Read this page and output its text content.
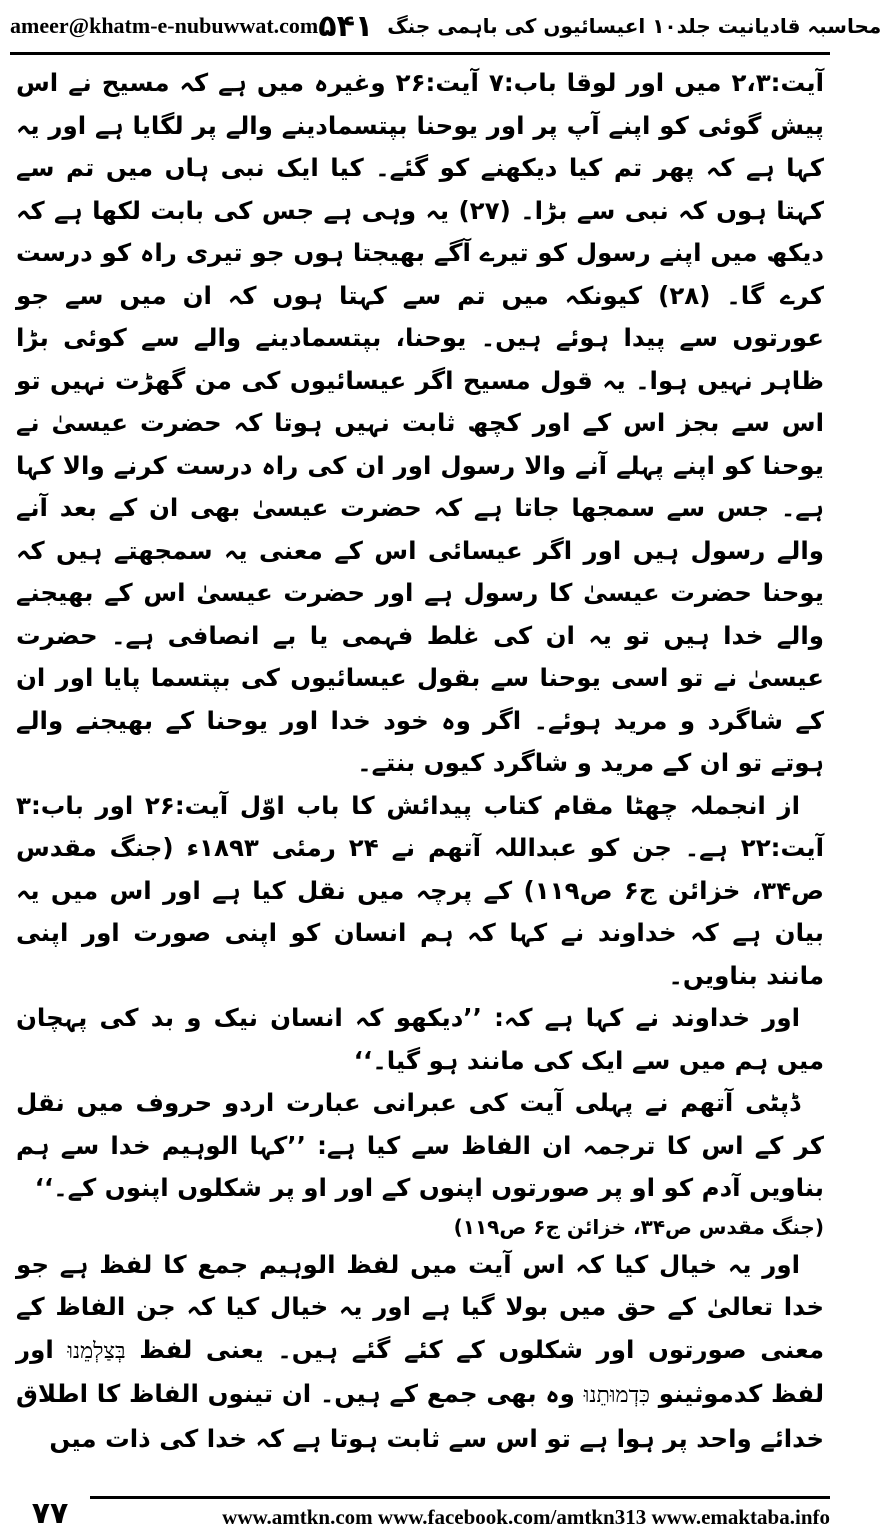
ameer@khatm-e-nubuwwat.com	محاسبہ قادیانیت جلد۱۰ اعیسائیوں کی باہمی جنگ
۵۴۱

آیت:۲،۳ میں اور لوقا باب:۷ آیت:۲۶ وغیرہ میں ہے کہ مسیح نے اس پیش گوئی کو اپنے آپ پر اور یوحنا بپتسمادینے والے پر لگایا ہے اور یہ کہا ہے کہ پھر تم کیا دیکھنے کو گئے۔ کیا ایک نبی ہاں میں تم سے کہتا ہوں کہ نبی سے بڑا۔ (۲۷) یہ وہی ہے جس کی بابت لکھا ہے کہ دیکھ میں اپنے رسول کو تیرے آگے بھیجتا ہوں جو تیری راہ کو درست کرے گا۔ (۲۸) کیونکہ میں تم سے کہتا ہوں کہ ان میں سے جو عورتوں سے پیدا ہوئے ہیں۔ یوحنا، بپتسمادینے والے سے کوئی بڑا ظاہر نہیں ہوا۔ یہ قول مسیح اگر عیسائیوں کی من گھڑت نہیں تو اس سے بجز اس کے اور کچھ ثابت نہیں ہوتا کہ حضرت عیسیٰ نے یوحنا کو اپنے پہلے آنے والا رسول اور ان کی راہ درست کرنے والا کہا ہے۔ جس سے سمجھا جاتا ہے کہ حضرت عیسیٰ بھی ان کے بعد آنے والے رسول ہیں اور اگر عیسائی اس کے معنی یہ سمجھتے ہیں کہ یوحنا حضرت عیسیٰ کا رسول ہے اور حضرت عیسیٰ اس کے بھیجنے والے خدا ہیں تو یہ ان کی غلط فہمی یا بے انصافی ہے۔ حضرت عیسیٰ نے تو اسی یوحنا سے بقول عیسائیوں کی بپتسما پایا اور ان کے شاگرد و مرید ہوئے۔ اگر وہ خود خدا اور یوحنا کے بھیجنے والے ہوتے تو ان کے مرید و شاگرد کیوں بنتے۔

از انجملہ چھٹا مقام کتاب پیدائش کا باب اوّل آیت:۲۶ اور باب:۳ آیت:۲۲ ہے۔ جن کو عبداللہ آتھم نے ۲۴ رمئی ۱۸۹۳ء (جنگ مقدس ص۳۴، خزائن ج۶ ص۱۱۹) کے پرچہ میں نقل کیا ہے اور اس میں یہ بیان ہے کہ خداوند نے کہا کہ ہم انسان کو اپنی صورت اور اپنی مانند بناویں۔

اور خداوند نے کہا ہے کہ: ’’دیکھو کہ انسان نیک و بد کی پہچان میں ہم میں سے ایک کی مانند ہو گیا۔‘‘

ڈپٹی آتھم نے پہلی آیت کی عبرانی عبارت اردو حروف میں نقل کر کے اس کا ترجمہ ان الفاظ سے کیا ہے: ’’کہا الوہیم خدا سے ہم بناویں آدم کو او پر صورتوں اپنوں کے اور او پر شکلوں اپنوں کے۔‘‘

(جنگ مقدس ص۳۴، خزائن ج۶ ص۱۱۹)

اور یہ خیال کیا کہ اس آیت میں لفظ الوہیم جمع کا لفظ ہے جو خدا تعالیٰ کے حق میں بولا گیا ہے اور یہ خیال کیا کہ جن الفاظ کے معنی صورتوں اور شکلوں کے کئے گئے ہیں۔ یعنی لفظ בְּצַלְמֵנוּ اور لفظ کدموثینو כִּדְמוּתֵנוּ وہ بھی جمع کے ہیں۔ ان تینوں الفاظ کا اطلاق خدائے واحد پر ہوا ہے تو اس سے ثابت ہوتا ہے کہ خدا کی ذات میں

۷۷	www.amtkn.com www.facebook.com/amtkn313 www.emaktaba.info
